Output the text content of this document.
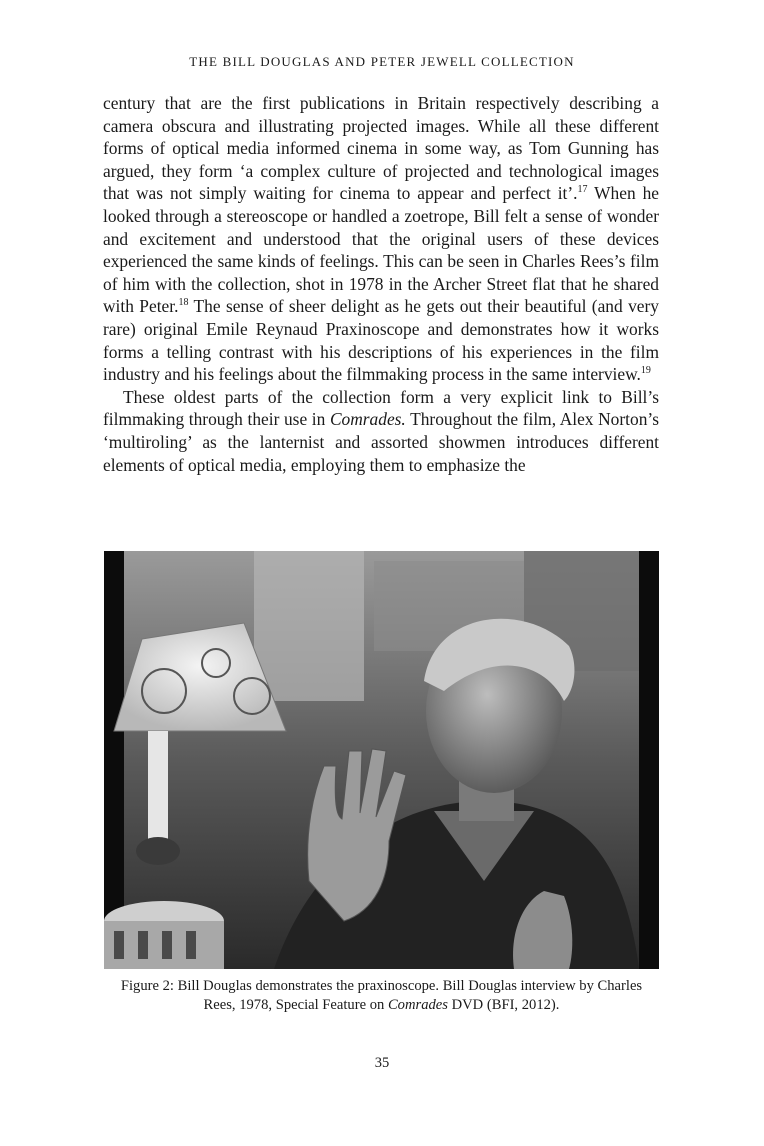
THE BILL DOUGLAS AND PETER JEWELL COLLECTION

century that are the first publications in Britain respectively describing a camera obscura and illustrating projected images. While all these different forms of optical media informed cinema in some way, as Tom Gunning has argued, they form ‘a complex culture of projected and technological images that was not simply waiting for cinema to appear and perfect it’.$^{17}$ When he looked through a stereoscope or handled a zoetrope, Bill felt a sense of wonder and excitement and understood that the original users of these devices experienced the same kinds of feelings. This can be seen in Charles Rees’s film of him with the collection, shot in 1978 in the Archer Street flat that he shared with Peter.$^{18}$ The sense of sheer delight as he gets out their beautiful (and very rare) original Emile Reynaud Praxinoscope and demonstrates how it works forms a telling contrast with his descriptions of his experiences in the film industry and his feelings about the filmmaking process in the same interview.$^{19}$

These oldest parts of the collection form a very explicit link to Bill’s filmmaking through their use in Comrades. Throughout the film, Alex Norton’s ‘multiroling’ as the lanternist and assorted showmen introduces different elements of optical media, employing them to emphasize the

Figure 2: Bill Douglas demonstrates the praxinoscope. Bill Douglas interview by Charles Rees, 1978, Special Feature on Comrades DVD (BFI, 2012).

35
